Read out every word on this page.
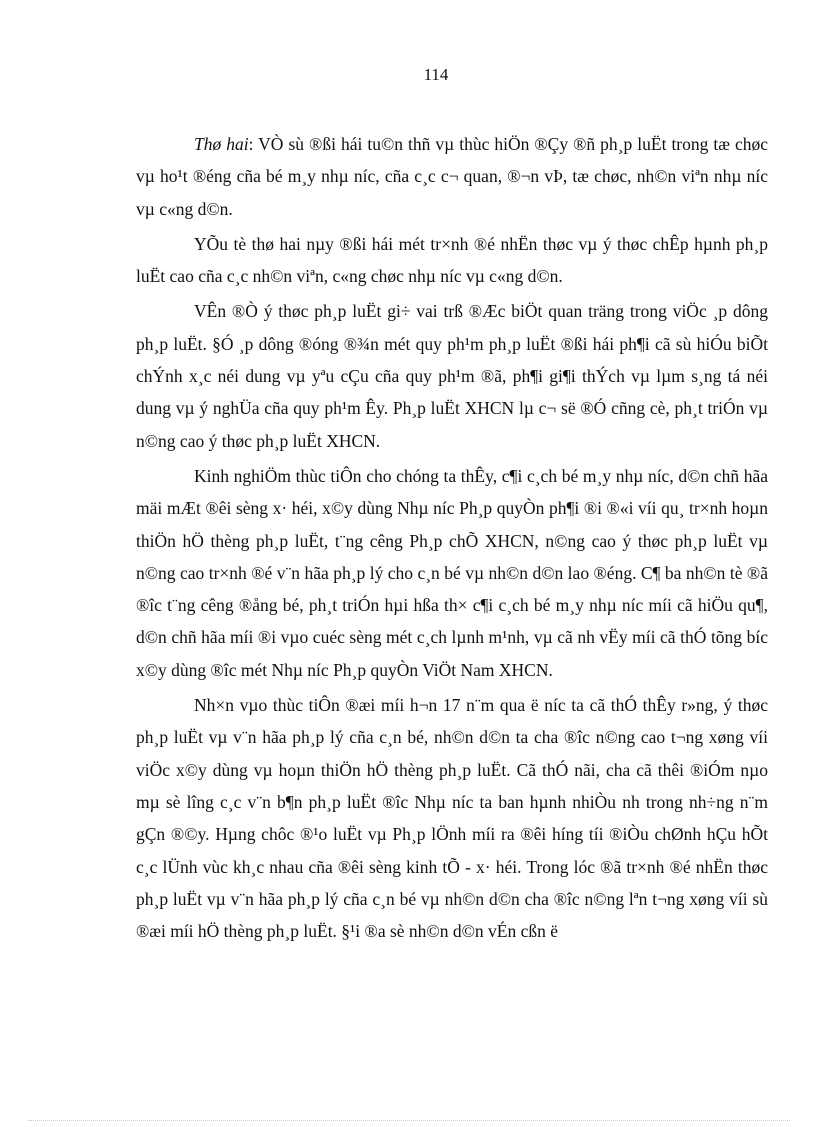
114

Thø hai: VÒ sù ®ßi hái tu©n thñ vµ thùc hiÖn ®Çy ®ñ ph¸p luËt trong tæ chøc vµ ho¹t ®éng cña bé m¸y nhµ níc, cña c¸c c¬ quan, ®¬n vÞ, tæ chøc, nh©n viªn nhµ níc vµ c«ng d©n.

YÕu tè thø hai nµy ®ßi hái mét tr×nh ®é nhËn thøc vµ ý thøc chÊp hµnh ph¸p luËt cao cña c¸c nh©n viªn, c«ng chøc nhµ níc vµ c«ng d©n.

VÊn ®Ò ý thøc ph¸p luËt gi÷ vai trß ®Æc biÖt quan träng trong viÖc ¸p dông ph¸p luËt. §Ó ¸p dông ®óng ®¾n mét quy ph¹m ph¸p luËt ®ßi hái ph¶i cã sù hiÓu biÕt chÝnh x¸c néi dung vµ yªu cÇu cña quy ph¹m ®ã, ph¶i gi¶i thÝch vµ lµm s¸ng tá néi dung vµ ý nghÜa cña quy ph¹m Êy. Ph¸p luËt XHCN lµ c¬ së ®Ó cñng cè, ph¸t triÓn vµ n©ng cao ý thøc ph¸p luËt XHCN.

Kinh nghiÖm thùc tiÔn cho chóng ta thÊy, c¶i c¸ch bé m¸y nhµ níc, d©n chñ hãa mäi mÆt ®êi sèng x· héi, x©y dùng Nhµ níc Ph¸p quyÒn ph¶i ®i ®«i víi qu¸ tr×nh hoµn thiÖn hÖ thèng ph¸p luËt, t¨ng cêng Ph¸p chÕ XHCN, n©ng cao ý thøc ph¸p luËt vµ n©ng cao tr×nh ®é v¨n hãa ph¸p lý cho c¸n bé vµ nh©n d©n lao ®éng. C¶ ba nh©n tè ®ã ®îc t¨ng cêng ®ång bé, ph¸t triÓn hµi hßa th× c¶i c¸ch bé m¸y nhµ níc míi cã hiÖu qu¶, d©n chñ hãa míi ®i vµo cuéc sèng mét c¸ch lµnh m¹nh, vµ cã nh vËy míi cã thÓ tõng bíc x©y dùng ®îc mét Nhµ níc Ph¸p quyÒn ViÖt Nam XHCN.

Nh×n vµo thùc tiÔn ®æi míi h¬n 17 n¨m qua ë níc ta cã thÓ thÊy r»ng, ý thøc ph¸p luËt vµ v¨n hãa ph¸p lý cña c¸n bé, nh©n d©n ta cha ®îc n©ng cao t¬ng xøng víi viÖc x©y dùng vµ hoµn thiÖn hÖ thèng ph¸p luËt. Cã thÓ nãi, cha cã thêi ®iÓm nµo mµ sè lîng c¸c v¨n b¶n ph¸p luËt ®îc Nhµ níc ta ban hµnh nhiÒu nh trong nh÷ng n¨m gÇn ®©y. Hµng chôc ®¹o luËt vµ Ph¸p lÖnh míi ra ®êi híng tíi ®iÒu chØnh hÇu hÕt c¸c lÜnh vùc kh¸c nhau cña ®êi sèng kinh tÕ - x· héi. Trong lóc ®ã tr×nh ®é nhËn thøc ph¸p luËt vµ v¨n hãa ph¸p lý cña c¸n bé vµ nh©n d©n cha ®îc n©ng lªn t¬ng xøng víi sù ®æi míi hÖ thèng ph¸p luËt. §¹i ®a sè nh©n d©n vÉn cßn ë
